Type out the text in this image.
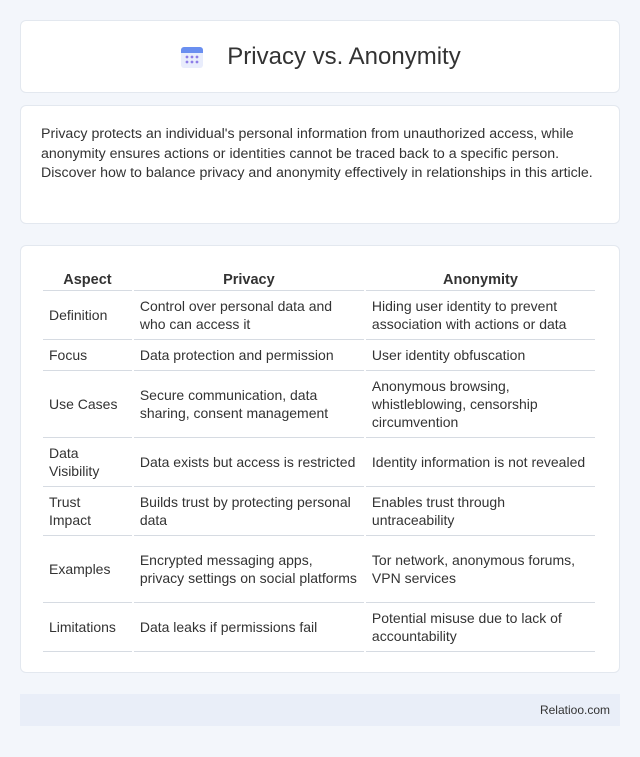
Privacy vs. Anonymity

Privacy protects an individual's personal information from unauthorized access, while anonymity ensures actions or identities cannot be traced back to a specific person. Discover how to balance privacy and anonymity effectively in relationships in this article.

Aspect	Privacy	Anonymity
Definition	Control over personal data and who can access it	Hiding user identity to prevent association with actions or data
Focus	Data protection and permission	User identity obfuscation
Use Cases	Secure communication, data sharing, consent management	Anonymous browsing, whistleblowing, censorship circumvention
Data Visibility	Data exists but access is restricted	Identity information is not revealed
Trust Impact	Builds trust by protecting personal data	Enables trust through untraceability
Examples	Encrypted messaging apps, privacy settings on social platforms	Tor network, anonymous forums, VPN services
Limitations	Data leaks if permissions fail	Potential misuse due to lack of accountability
Relatioo.com
